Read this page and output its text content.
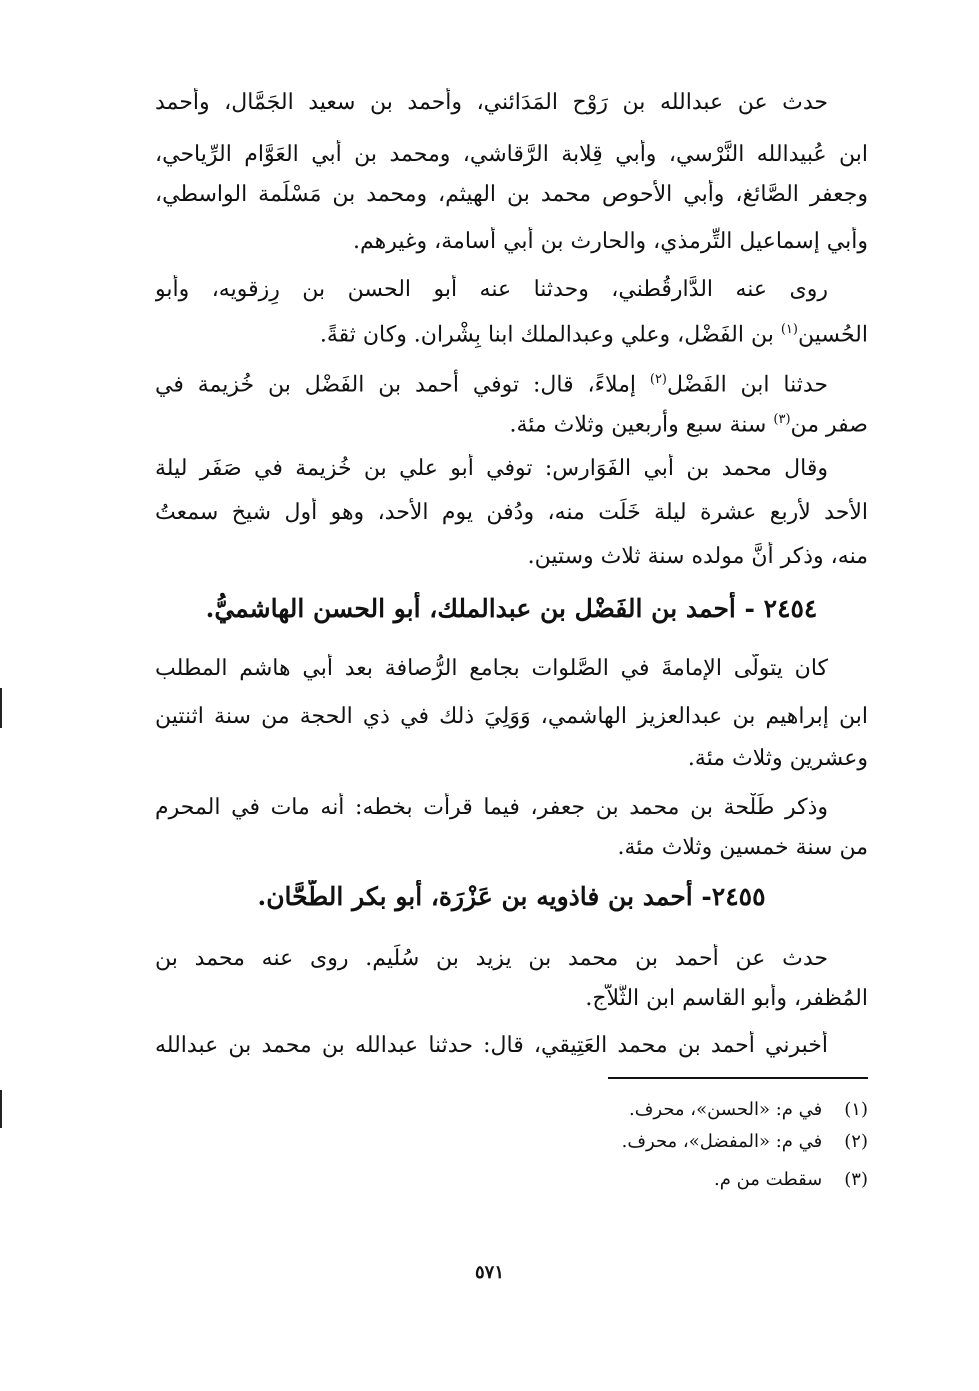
حدث عن عبدالله بن رَوْح المَدَائني، وأحمد بن سعيد الجَمَّال، وأحمد
ابن عُبيدالله النَّرْسي، وأبي قِلابة الرَّقاشي، ومحمد بن أبي العَوَّام الرِّياحي،
وجعفر الصَّائغ، وأبي الأحوص محمد بن الهيثم، ومحمد بن مَسْلَمة الواسطي،
وأبي إسماعيل التِّرمذي، والحارث بن أبي أُسامة، وغيرهم.
روى عنه الدَّارقُطني، وحدثنا عنه أبو الحسن بن رِزقويه، وأبو
الحُسين$^{(١)}$ بن الفَضْل، وعلي وعبدالملك ابنا بِشْران. وكان ثقةً.
حدثنا ابن الفَضْل$^{(٢)}$ إملاءً، قال: توفي أحمد بن الفَضْل بن خُزيمة في
صفر من$^{(٣)}$ سنة سبع وأربعين وثلاث مئة.
وقال محمد بن أبي الفَوَارس: توفي أبو علي بن خُزيمة في صَفَر ليلة
الأحد لأربع عشرة ليلة خَلَت منه، ودُفن يوم الأحد، وهو أول شيخ سمعتُ
منه، وذكر أنَّ مولده سنة ثلاث وستين.
٢٤٥٤ - أحمد بن الفَضْل بن عبدالملك، أبو الحسن الهاشميُّ.
كان يتولَّى الإمامةَ في الصَّلوات بجامع الرُّصافة بعد أبي هاشم المطلب
ابن إبراهيم بن عبدالعزيز الهاشمي، وَوَلِيَ ذلك في ذي الحجة من سنة اثنتين
وعشرين وثلاث مئة.
وذكر طَلْحة بن محمد بن جعفر، فيما قرأت بخطه: أنه مات في المحرم
من سنة خمسين وثلاث مئة.
٢٤٥٥- أحمد بن فاذويه بن عَزْرَة، أبو بكر الطَّحَّان.
حدث عن أحمد بن محمد بن يزيد بن سُلَيم. روى عنه محمد بن
المُظفر، وأبو القاسم ابن الثَّلاَّج.
أخبرني أحمد بن محمد العَتِيقي، قال: حدثنا عبدالله بن محمد بن عبدالله
(١) في م: «الحسن»، محرف.
(٢) في م: «المفضل»، محرف.
(٣) سقطت من م.
٥٧١
